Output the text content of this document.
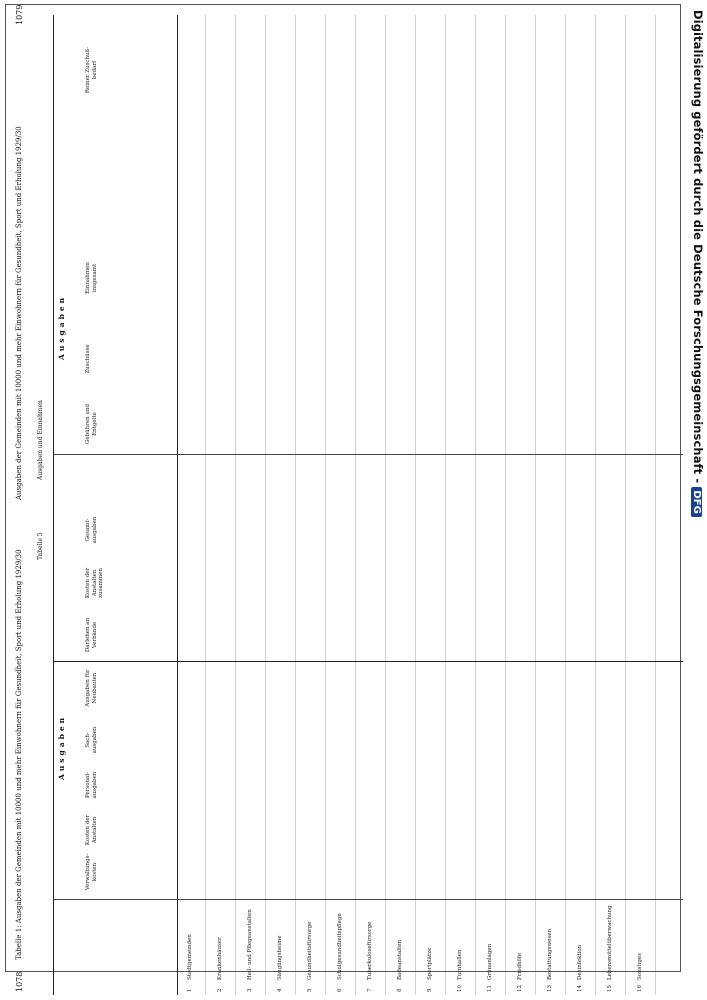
1078
Tabelle 1: Ausgaben der Gemeinden mit 10000 und mehr Einwohnern für Gesundheit, Sport und Erholung 1929/30
Ausgaben der Gemeinden mit 10000 und mehr Einwohnern für Gesundheit, Sport und Erholung 1929/30
1079
Tabelle 5
Ausgaben und Einnahmen
Ausgaben
Ausgaben
Verwaltungs-kosten
Kosten der Anstalten
Personal-ausgaben
Sach-ausgaben
Ausgaben für Neubauten
Darlehen an Verbände
Kosten der Anstalten zusammen
Gesamt-ausgaben
Gebühren und Entgelte
Zuschüsse
Einnahmen insgesamt
Reiner Zuschuß-bedarf
1
Stadtgemeinden
2
Krankenhäuser
3
Heil- und Pflegeanstalten
4
Säuglingsheime
5
Gesundheitsfürsorge
6
Schulgesundheitspflege
7
Tuberkulosefürsorge
8
Badeanstalten
9
Sportplätze
10
Turnhallen
11
Grünanlagen
12
Friedhöfe
13
Bestattungswesen
14
Desinfektion
15
Lebensmittelüberwachung
16
Sonstiges
Digitalisierung gefördert durch die Deutsche Forschungsgemeinschaft - DFG
